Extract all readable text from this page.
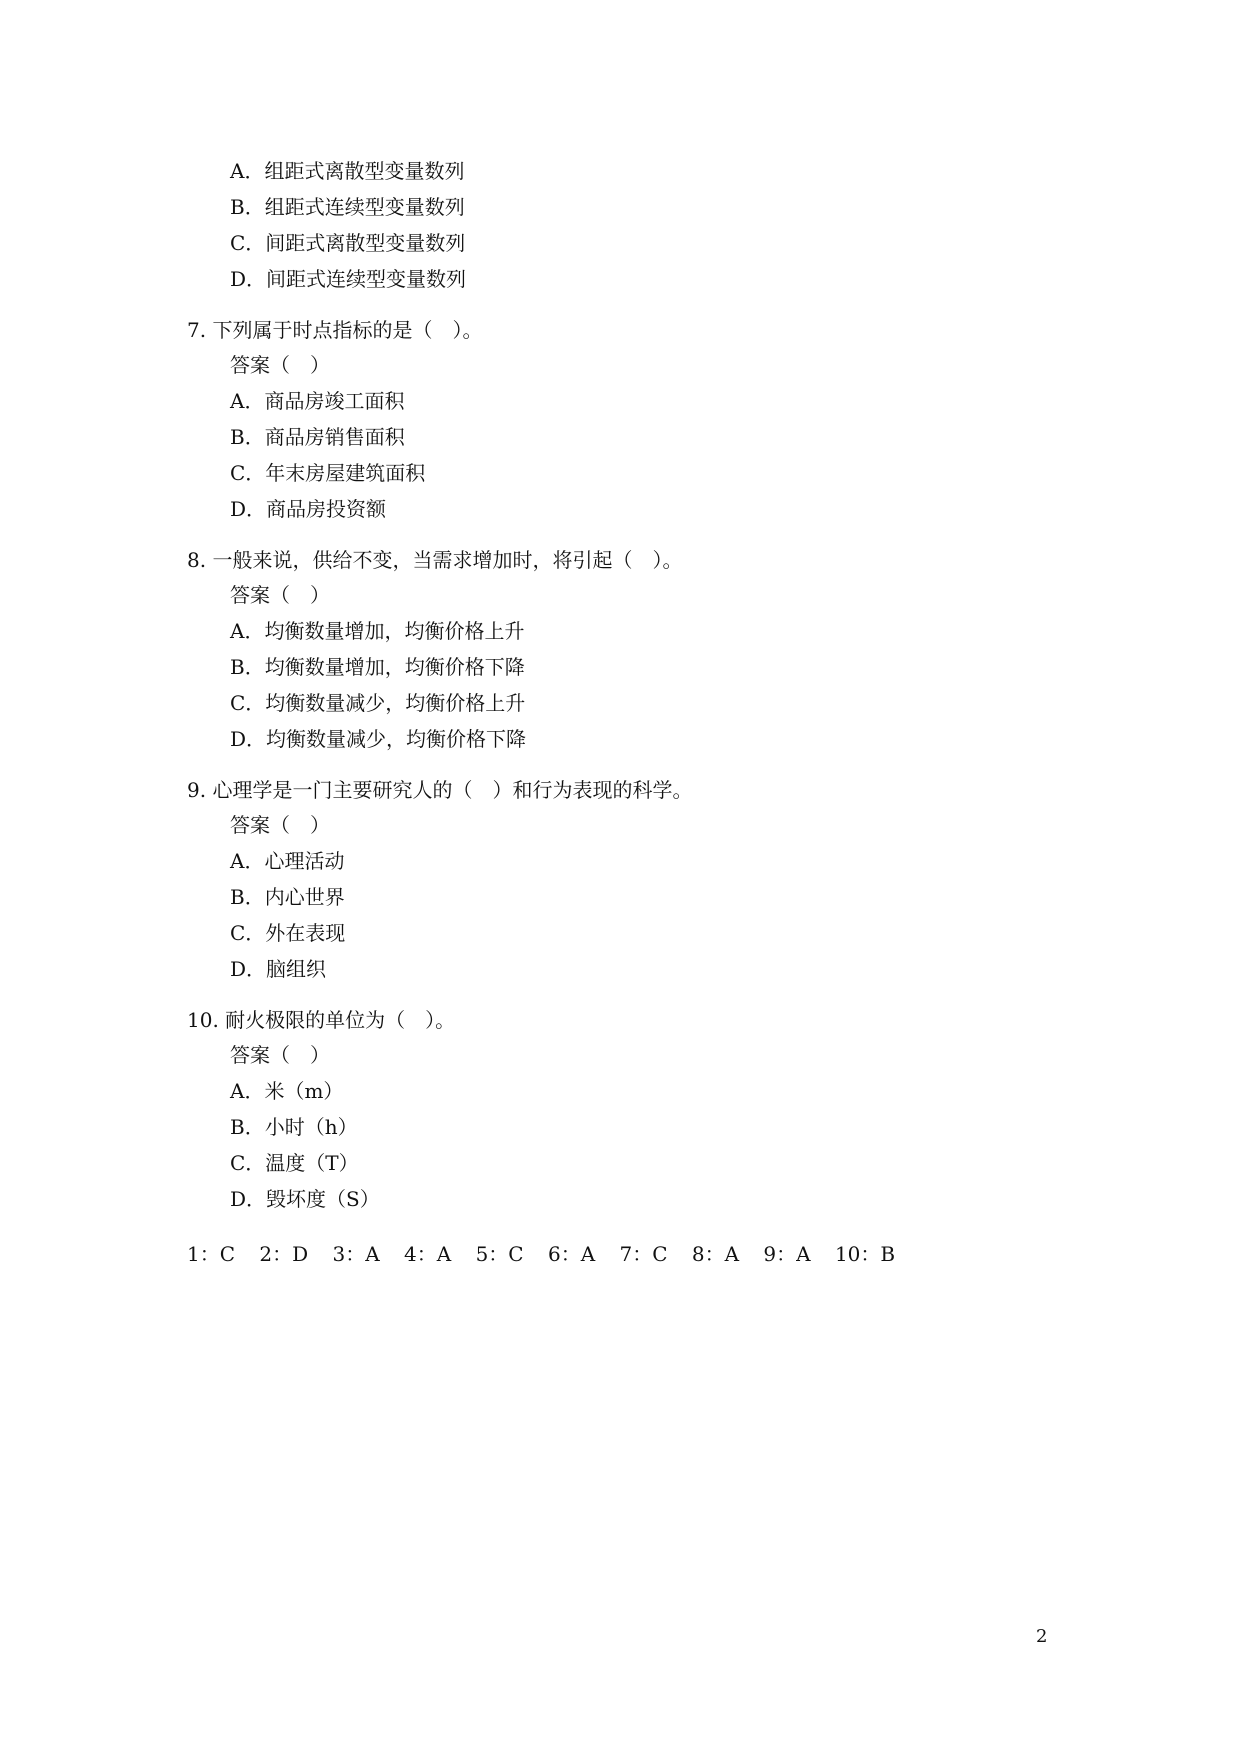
A．组距式离散型变量数列
B．组距式连续型变量数列
C．间距式离散型变量数列
D．间距式连续型变量数列
7. 下列属于时点指标的是（　）。
答案（　）
A．商品房竣工面积
B．商品房销售面积
C．年末房屋建筑面积
D．商品房投资额
8. 一般来说，供给不变，当需求增加时，将引起（　）。
答案（　）
A．均衡数量增加，均衡价格上升
B．均衡数量增加，均衡价格下降
C．均衡数量减少，均衡价格上升
D．均衡数量减少，均衡价格下降
9. 心理学是一门主要研究人的（　）和行为表现的科学。
答案（　）
A．心理活动
B．内心世界
C．外在表现
D．脑组织
10. 耐火极限的单位为（　）。
答案（　）
A．米（m）
B．小时（h）
C．温度（T）
D．毁坏度（S）
1：C 2：D 3：A 4：A 5：C 6：A 7：C 8：A 9：A 10：B
2
